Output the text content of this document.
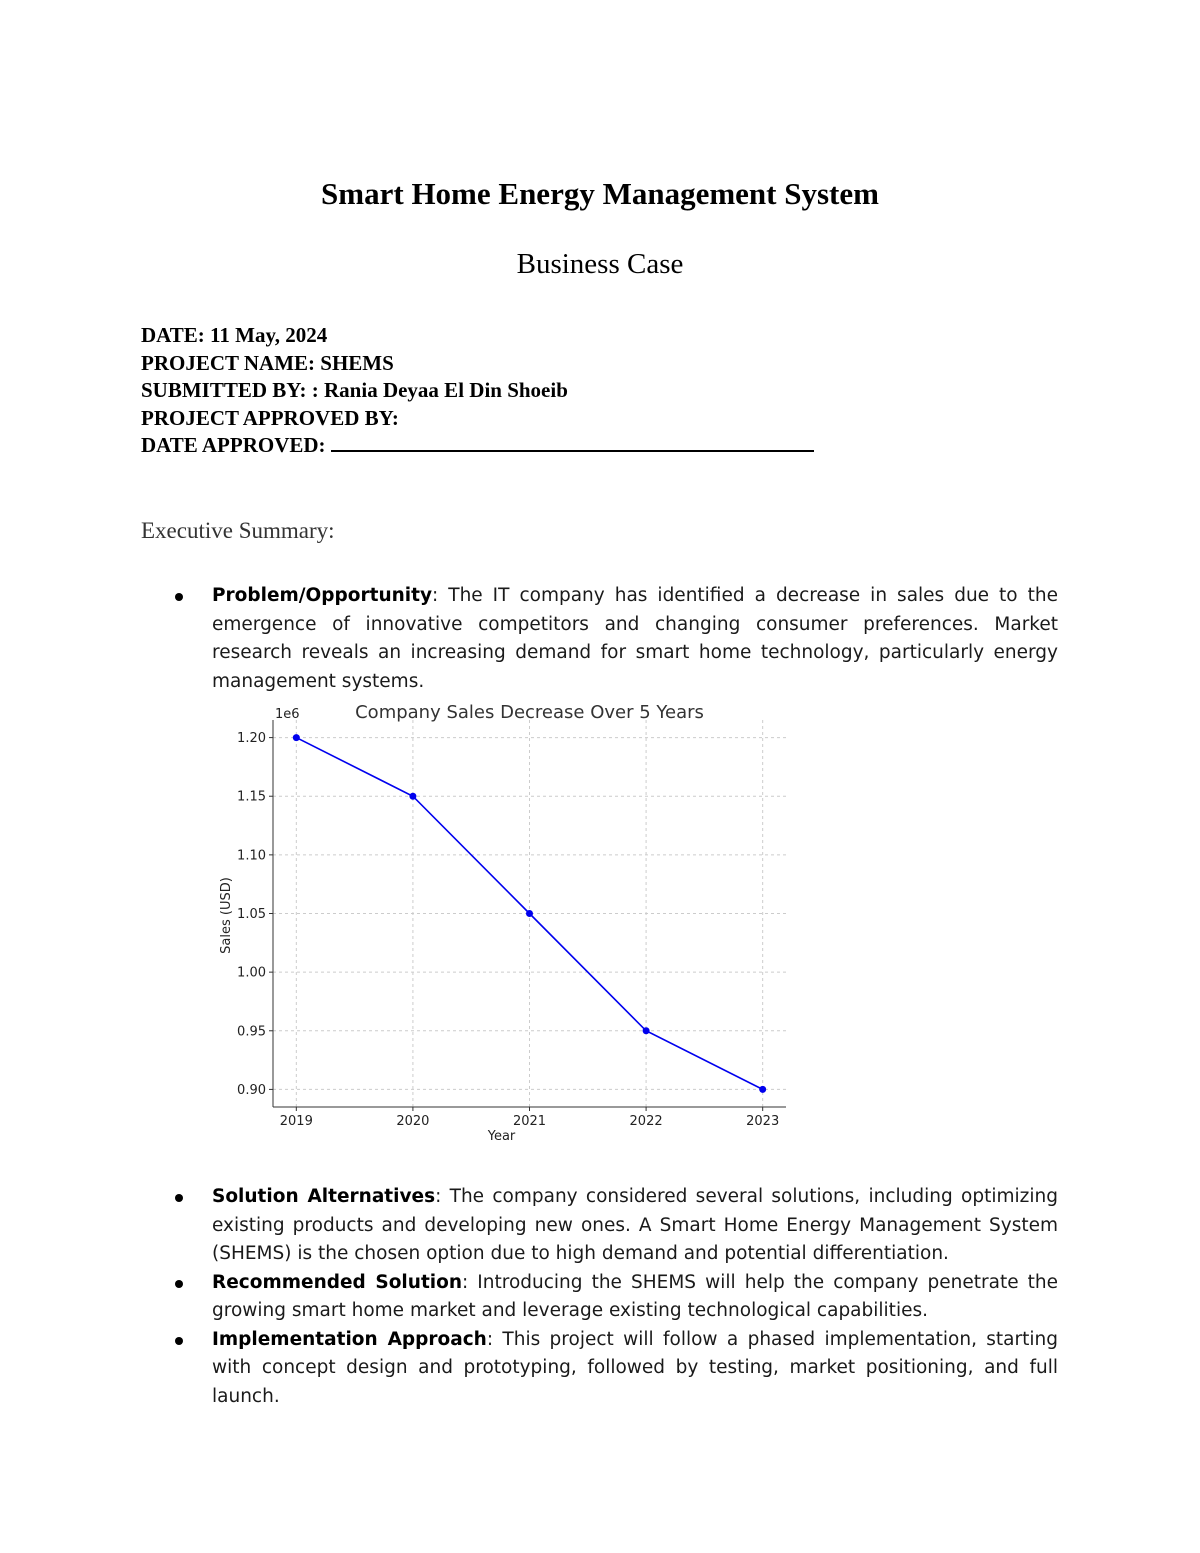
Smart Home Energy Management System
Business Case
DATE: 11 May, 2024
PROJECT NAME: SHEMS
SUBMITTED BY: : Rania Deyaa El Din Shoeib
PROJECT APPROVED BY:
DATE APPROVED:
Executive Summary:
Problem/Opportunity: The IT company has identified a decrease in sales due to the emergence of innovative competitors and changing consumer preferences. Market research reveals an increasing demand for smart home technology, particularly energy management systems.
0.90
0.95
1.00
1.05
1.10
1.15
1.20
2019	2020	2021	2022	2023
Year
Sales (USD)
1e6	Company Sales Decrease Over 5 Years
Solution Alternatives: The company considered several solutions, including optimizing existing products and developing new ones. A Smart Home Energy Management System (SHEMS) is the chosen option due to high demand and potential differentiation.
Recommended Solution: Introducing the SHEMS will help the company penetrate the growing smart home market and leverage existing technological capabilities.
Implementation Approach: This project will follow a phased implementation, starting with concept design and prototyping, followed by testing, market positioning, and full launch.
